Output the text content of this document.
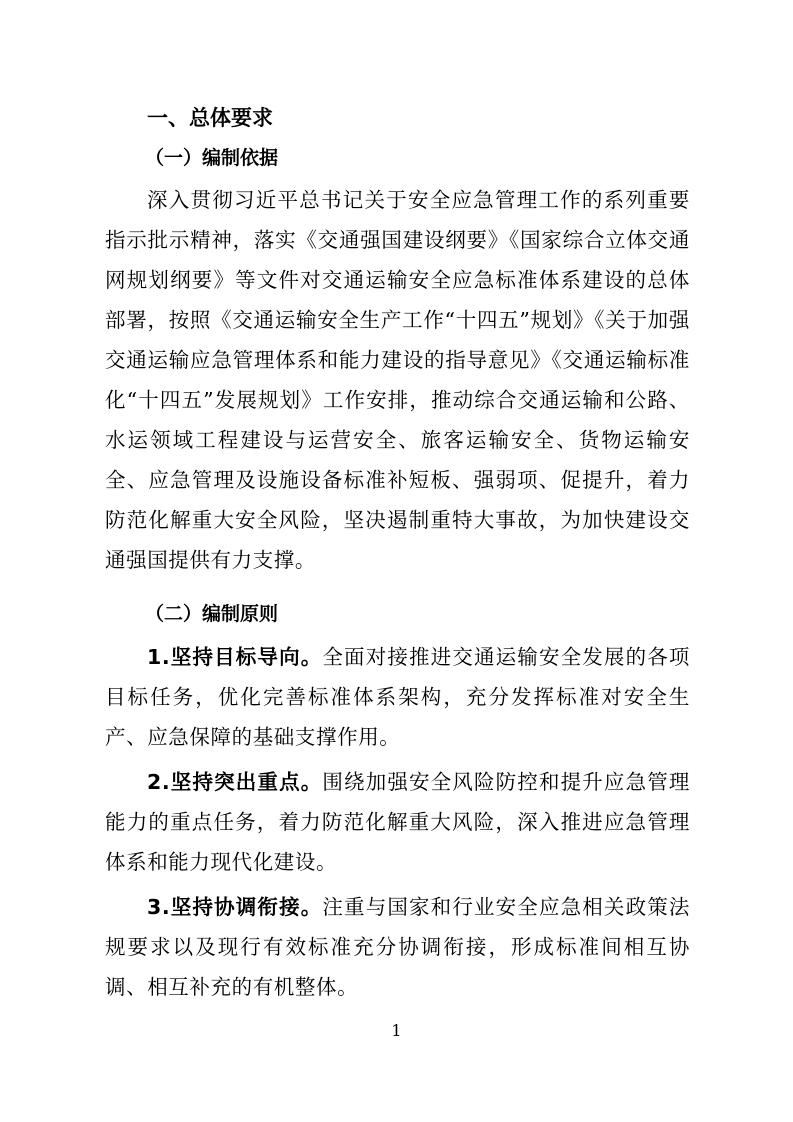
一、总体要求
（一）编制依据

深入贯彻习近平总书记关于安全应急管理工作的系列重要指示批示精神，落实《交通强国建设纲要》《国家综合立体交通网规划纲要》等文件对交通运输安全应急标准体系建设的总体部署，按照《交通运输安全生产工作“十四五”规划》《关于加强交通运输应急管理体系和能力建设的指导意见》《交通运输标准化“十四五”发展规划》工作安排，推动综合交通运输和公路、水运领域工程建设与运营安全、旅客运输安全、货物运输安全、应急管理及设施设备标准补短板、强弱项、促提升，着力防范化解重大安全风险，坚决遏制重特大事故，为加快建设交通强国提供有力支撑。

（二）编制原则

1.坚持目标导向。全面对接推进交通运输安全发展的各项目标任务，优化完善标准体系架构，充分发挥标准对安全生产、应急保障的基础支撑作用。

2.坚持突出重点。围绕加强安全风险防控和提升应急管理能力的重点任务，着力防范化解重大风险，深入推进应急管理体系和能力现代化建设。

3.坚持协调衔接。注重与国家和行业安全应急相关政策法规要求以及现行有效标准充分协调衔接，形成标准间相互协调、相互补充的有机整体。

1
